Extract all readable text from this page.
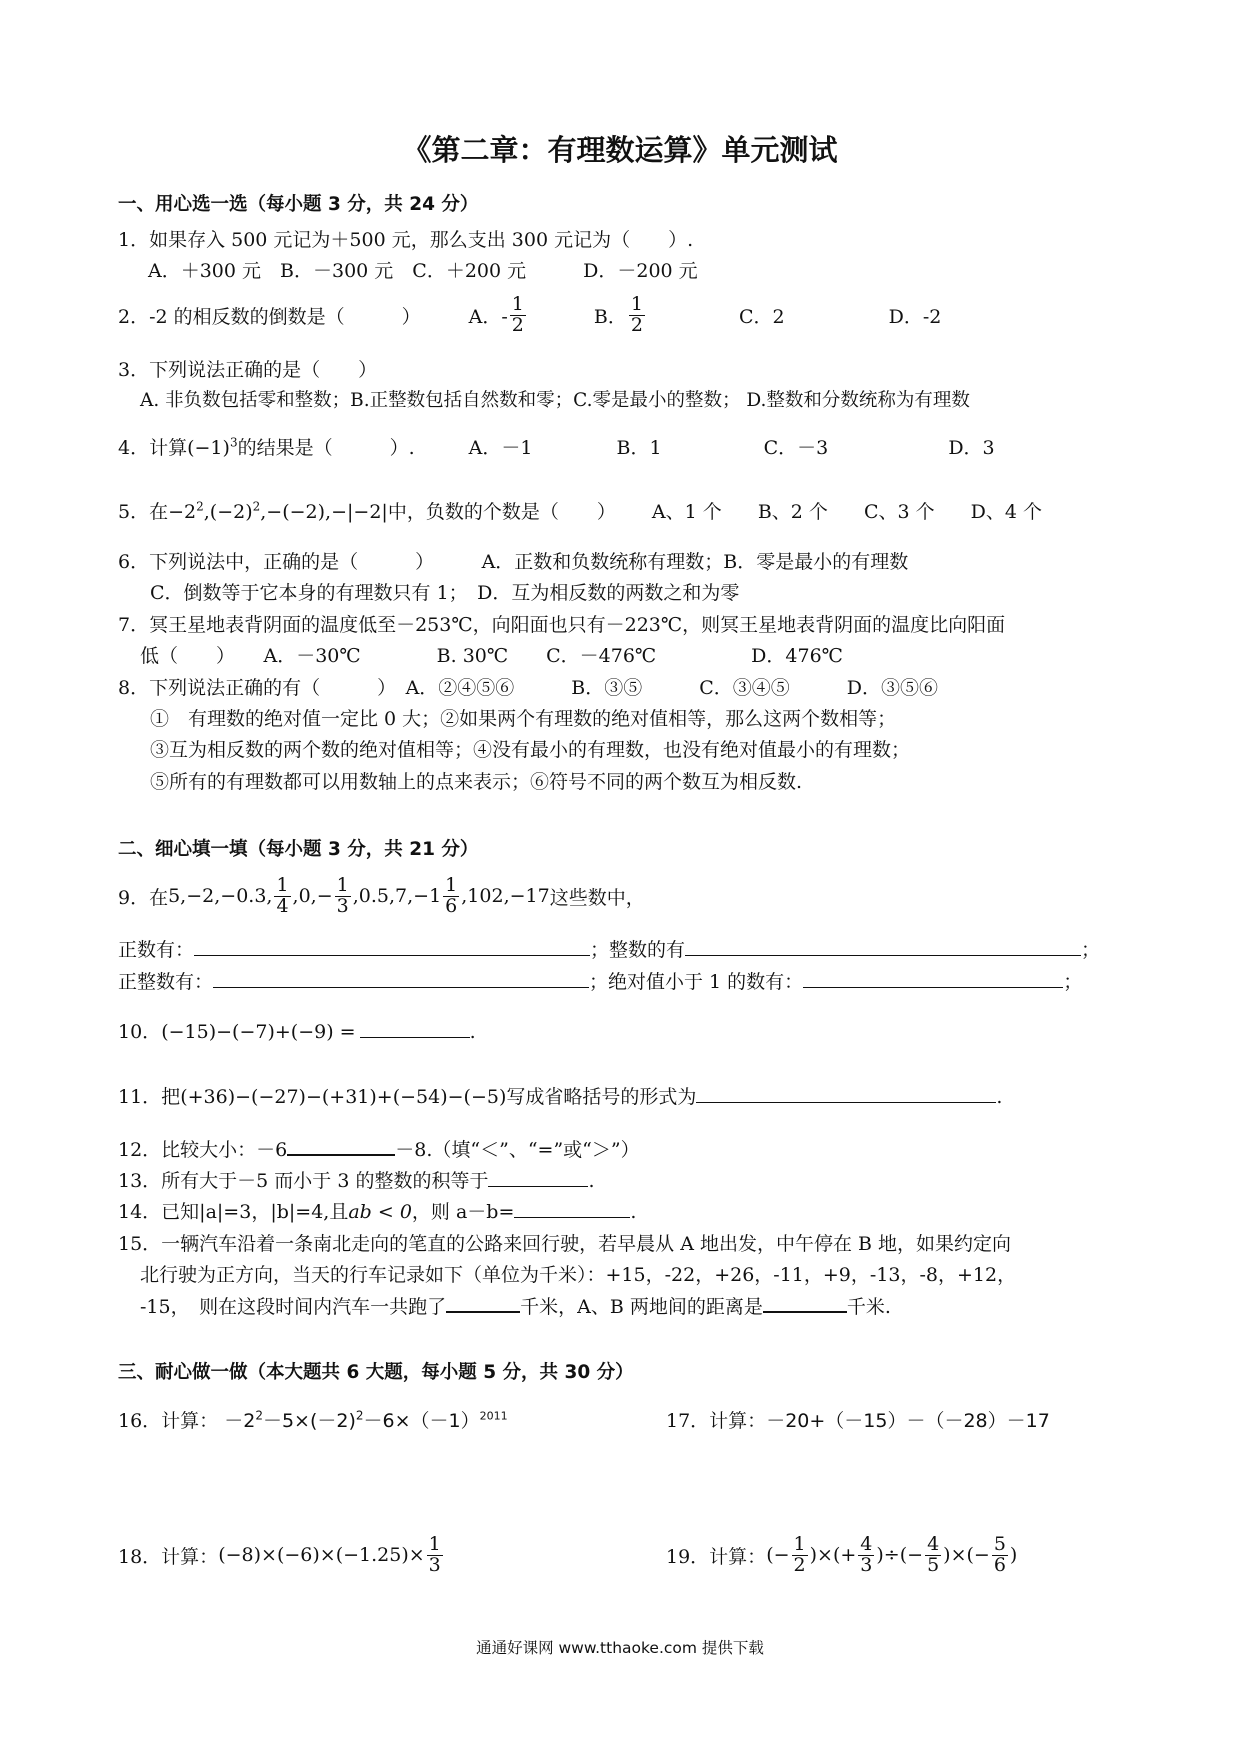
《第二章：有理数运算》单元测试
一、用心选一选（每小题 3 分，共 24 分）
1．如果存入 500 元记为＋500 元，那么支出 300 元记为（　　）.
A．＋300 元　B．－300 元　C．＋200 元　　　D．－200 元
2．-2 的相反数的倒数是（　　　）	A．- $\frac{1}{2}$	B． $\frac{1}{2}$	C．2	D．-2
3．下列说法正确的是（　　）
A. 非负数包括零和整数；B.正整数包括自然数和零；C.零是最小的整数； D.整数和分数统称为有理数
4．计算$(-1)^3$的结果是（　　　）.	A．－1	B．1	C．－3	D．3
5．在$-2^2,(-2)^2,-(-2),-|-2|$中，负数的个数是（　　） A、1 个 B、2 个 C、3 个 D、4 个
6．下列说法中，正确的是（　　　）　　　A．正数和负数统称有理数；B．零是最小的有理数
C．倒数等于它本身的有理数只有 1；　D．互为相反数的两数之和为零
7．冥王星地表背阴面的温度低至－253℃，向阳面也只有－223℃，则冥王星地表背阴面的温度比向阳面
低（　　）　　A．－30℃　　　　B. 30℃　　C．－476℃　　　　　D．476℃
8．下列说法正确的有（　　　）　A．②④⑤⑥　　　B．③⑤　　　C．③④⑤　　　D．③⑤⑥
①　有理数的绝对值一定比 0 大；②如果两个有理数的绝对值相等，那么这两个数相等；
③互为相反数的两个数的绝对值相等；④没有最小的有理数，也没有绝对值最小的有理数；
⑤所有的有理数都可以用数轴上的点来表示；⑥符号不同的两个数互为相反数.
二、细心填一填（每小题 3 分，共 21 分）
9．在 5,−2,−0.3, $\frac{1}{4} ,0,- \frac{1}{3} ,0.5,7,-1 \frac{1}{6} ,102,-17$ 这些数中，
正数有：	；整数的有	；
正整数有：	；绝对值小于 1 的数有：	；
10．(−15)−(−7)+(−9) =	.
11．把(+36)−(−27)−(+31)+(−54)−(−5)写成省略括号的形式为	.
12．比较大小：－6	－8.（填“＜”、“=”或“＞”）
13．所有大于－5 而小于 3 的整数的积等于	.
14．已知|a|=3，|b|=4,且ab < 0，则 a－b=	.
15．一辆汽车沿着一条南北走向的笔直的公路来回行驶，若早晨从 A 地出发，中午停在 B 地，如果约定向
北行驶为正方向，当天的行车记录如下（单位为千米）：+15，-22，+26，-11，+9，-13，-8，+12，
-15，　则在这段时间内汽车一共跑了	千米，A、B 两地间的距离是	千米.
三、耐心做一做（本大题共 6 大题，每小题 5 分，共 30 分）
16．计算： $-2^2-5\times(-2)^2-6\times(-1)^{2011}$	17．计算：－20+（－15）－（－28）－17
18．计算： $(-8)\times(-6)\times(-1.25)\times \frac{1}{3}$	19．计算： (− $\frac{1}{2}$ )×(+ $\frac{4}{3}$ )÷(− $\frac{4}{5}$ )×(− $\frac{5}{6}$ )
通通好课网 www.tthaoke.com 提供下载
